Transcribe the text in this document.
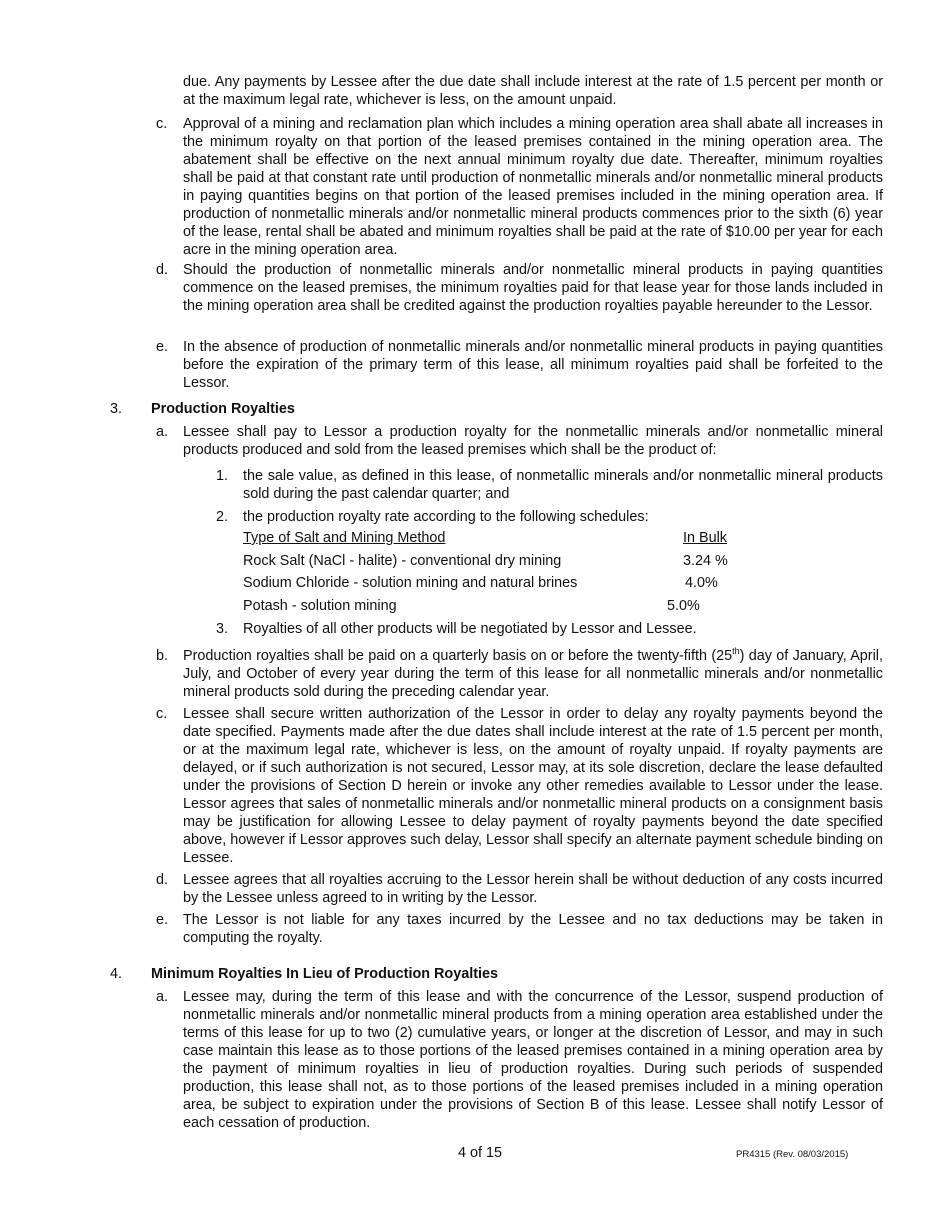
due. Any payments by Lessee after the due date shall include interest at the rate of 1.5 percent per month or at the maximum legal rate, whichever is less, on the amount unpaid.

c. Approval of a mining and reclamation plan which includes a mining operation area shall abate all increases in the minimum royalty on that portion of the leased premises contained in the mining operation area. The abatement shall be effective on the next annual minimum royalty due date. Thereafter, minimum royalties shall be paid at that constant rate until production of nonmetallic minerals and/or nonmetallic mineral products in paying quantities begins on that portion of the leased premises included in the mining operation area. If production of nonmetallic minerals and/or nonmetallic mineral products commences prior to the sixth (6) year of the lease, rental shall be abated and minimum royalties shall be paid at the rate of $10.00 per year for each acre in the mining operation area.

d. Should the production of nonmetallic minerals and/or nonmetallic mineral products in paying quantities commence on the leased premises, the minimum royalties paid for that lease year for those lands included in the mining operation area shall be credited against the production royalties payable hereunder to the Lessor.

e. In the absence of production of nonmetallic minerals and/or nonmetallic mineral products in paying quantities before the expiration of the primary term of this lease, all minimum royalties paid shall be forfeited to the Lessor.

3. Production Royalties
a. Lessee shall pay to Lessor a production royalty for the nonmetallic minerals and/or nonmetallic mineral products produced and sold from the leased premises which shall be the product of:

1. the sale value, as defined in this lease, of nonmetallic minerals and/or nonmetallic mineral products sold during the past calendar quarter; and

2. the production royalty rate according to the following schedules:

Type of Salt and Mining Method	In Bulk
Rock Salt (NaCl - halite) - conventional dry mining	3.24 %
Sodium Chloride - solution mining and natural brines	4.0%
Potash - solution mining	5.0%
3. Royalties of all other products will be negotiated by Lessor and Lessee.

b. Production royalties shall be paid on a quarterly basis on or before the twenty-fifth (25th) day of January, April, July, and October of every year during the term of this lease for all nonmetallic minerals and/or nonmetallic mineral products sold during the preceding calendar year.

c. Lessee shall secure written authorization of the Lessor in order to delay any royalty payments beyond the date specified. Payments made after the due dates shall include interest at the rate of 1.5 percent per month, or at the maximum legal rate, whichever is less, on the amount of royalty unpaid. If royalty payments are delayed, or if such authorization is not secured, Lessor may, at its sole discretion, declare the lease defaulted under the provisions of Section D herein or invoke any other remedies available to Lessor under the lease. Lessor agrees that sales of nonmetallic minerals and/or nonmetallic mineral products on a consignment basis may be justification for allowing Lessee to delay payment of royalty payments beyond the date specified above, however if Lessor approves such delay, Lessor shall specify an alternate payment schedule binding on Lessee.

d. Lessee agrees that all royalties accruing to the Lessor herein shall be without deduction of any costs incurred by the Lessee unless agreed to in writing by the Lessor.

e. The Lessor is not liable for any taxes incurred by the Lessee and no tax deductions may be taken in computing the royalty.

4. Minimum Royalties In Lieu of Production Royalties
a. Lessee may, during the term of this lease and with the concurrence of the Lessor, suspend production of nonmetallic minerals and/or nonmetallic mineral products from a mining operation area established under the terms of this lease for up to two (2) cumulative years, or longer at the discretion of Lessor, and may in such case maintain this lease as to those portions of the leased premises contained in a mining operation area by the payment of minimum royalties in lieu of production royalties. During such periods of suspended production, this lease shall not, as to those portions of the leased premises included in a mining operation area, be subject to expiration under the provisions of Section B of this lease. Lessee shall notify Lessor of each cessation of production.

4 of 15	PR4315 (Rev. 08/03/2015)
